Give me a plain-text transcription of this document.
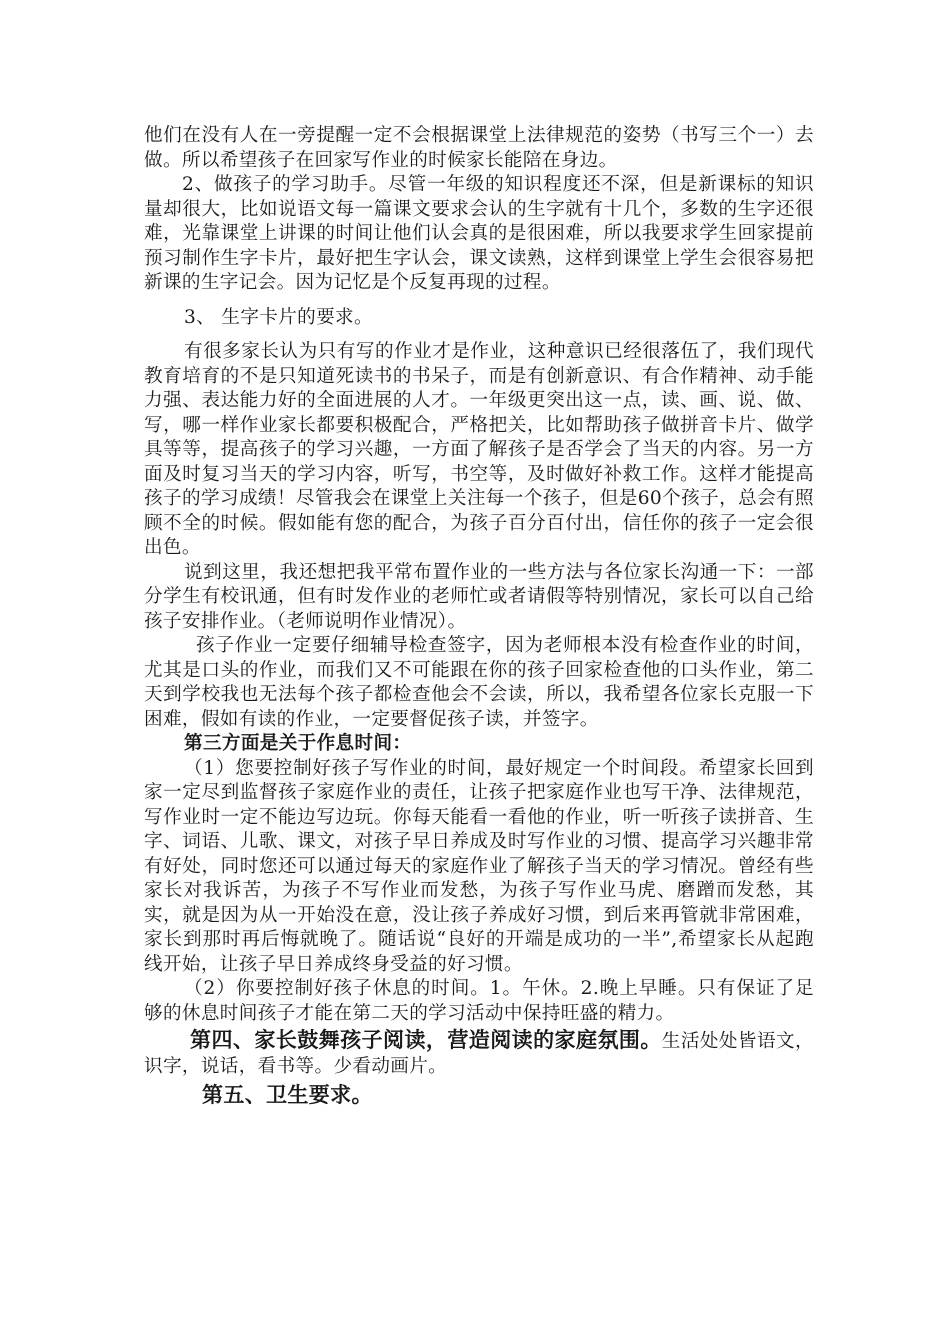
他们在没有人在一旁提醒一定不会根据课堂上法律规范的姿势（书写三个一）去做。所以希望孩子在回家写作业的时候家长能陪在身边。

2、做孩子的学习助手。尽管一年级的知识程度还不深，但是新课标的知识量却很大，比如说语文每一篇课文要求会认的生字就有十几个，多数的生字还很难，光靠课堂上讲课的时间让他们认会真的是很困难，所以我要求学生回家提前预习制作生字卡片，最好把生字认会，课文读熟，这样到课堂上学生会很容易把新课的生字记会。因为记忆是个反复再现的过程。

3、 生字卡片的要求。

有很多家长认为只有写的作业才是作业，这种意识已经很落伍了，我们现代教育培育的不是只知道死读书的书呆子，而是有创新意识、有合作精神、动手能力强、表达能力好的全面进展的人才。一年级更突出这一点，读、画、说、做、写，哪一样作业家长都要积极配合，严格把关，比如帮助孩子做拼音卡片、做学具等等，提高孩子的学习兴趣，一方面了解孩子是否学会了当天的内容。另一方面及时复习当天的学习内容，听写，书空等，及时做好补救工作。这样才能提高孩子的学习成绩！尽管我会在课堂上关注每一个孩子，但是60个孩子，总会有照顾不全的时候。假如能有您的配合，为孩子百分百付出，信任你的孩子一定会很出色。

说到这里，我还想把我平常布置作业的一些方法与各位家长沟通一下：一部分学生有校讯通，但有时发作业的老师忙或者请假等特别情况，家长可以自己给孩子安排作业。（老师说明作业情况）。

孩子作业一定要仔细辅导检查签字，因为老师根本没有检查作业的时间，尤其是口头的作业，而我们又不可能跟在你的孩子回家检查他的口头作业，第二天到学校我也无法每个孩子都检查他会不会读，所以，我希望各位家长克服一下困难，假如有读的作业，一定要督促孩子读，并签字。

第三方面是关于作息时间：

（1）您要控制好孩子写作业的时间，最好规定一个时间段。希望家长回到家一定尽到监督孩子家庭作业的责任，让孩子把家庭作业也写干净、法律规范，写作业时一定不能边写边玩。你每天能看一看他的作业，听一听孩子读拼音、生字、词语、儿歌、课文，对孩子早日养成及时写作业的习惯、提高学习兴趣非常有好处，同时您还可以通过每天的家庭作业了解孩子当天的学习情况。曾经有些家长对我诉苦，为孩子不写作业而发愁，为孩子写作业马虎、磨蹭而发愁，其实，就是因为从一开始没在意，没让孩子养成好习惯，到后来再管就非常困难，家长到那时再后悔就晚了。随话说“良好的开端是成功的一半”,希望家长从起跑线开始，让孩子早日养成终身受益的好习惯。

（2）你要控制好孩子休息的时间。1。午休。2.晚上早睡。只有保证了足够的休息时间孩子才能在第二天的学习活动中保持旺盛的精力。

第四、家长鼓舞孩子阅读，营造阅读的家庭氛围。生活处处皆语文，识字，说话，看书等。少看动画片。

第五、卫生要求。
